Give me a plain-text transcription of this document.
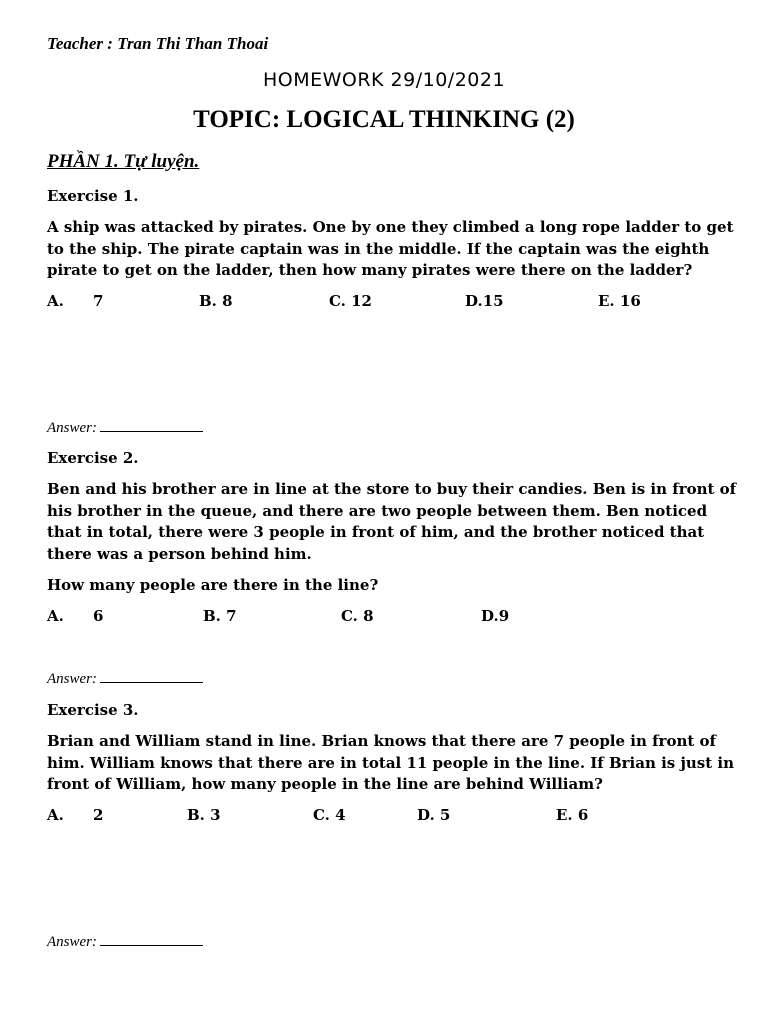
Teacher : Tran Thi Than Thoai
HOMEWORK 29/10/2021
TOPIC: LOGICAL THINKING (2)
PHẦN 1. Tự luyện.
Exercise 1.
A ship was attacked by pirates. One by one they climbed a long rope ladder to get
to the ship. The pirate captain was in the middle. If the captain was the eighth
pirate to get on the ladder, then how many pirates were there on the ladder?
A. 7	B. 8	C. 12	D.15	E. 16
Answer:
Exercise 2.
Ben and his brother are in line at the store to buy their candies. Ben is in front of
his brother in the queue, and there are two people between them. Ben noticed
that in total, there were 3 people in front of him, and the brother noticed that
there was a person behind him.
How many people are there in the line?
A. 6	B. 7	C. 8	D.9
Answer:
Exercise 3.
Brian and William stand in line. Brian knows that there are 7 people in front of
him. William knows that there are in total 11 people in the line. If Brian is just in
front of William, how many people in the line are behind William?
A. 2	B. 3	C. 4	D. 5	E. 6
Answer:
